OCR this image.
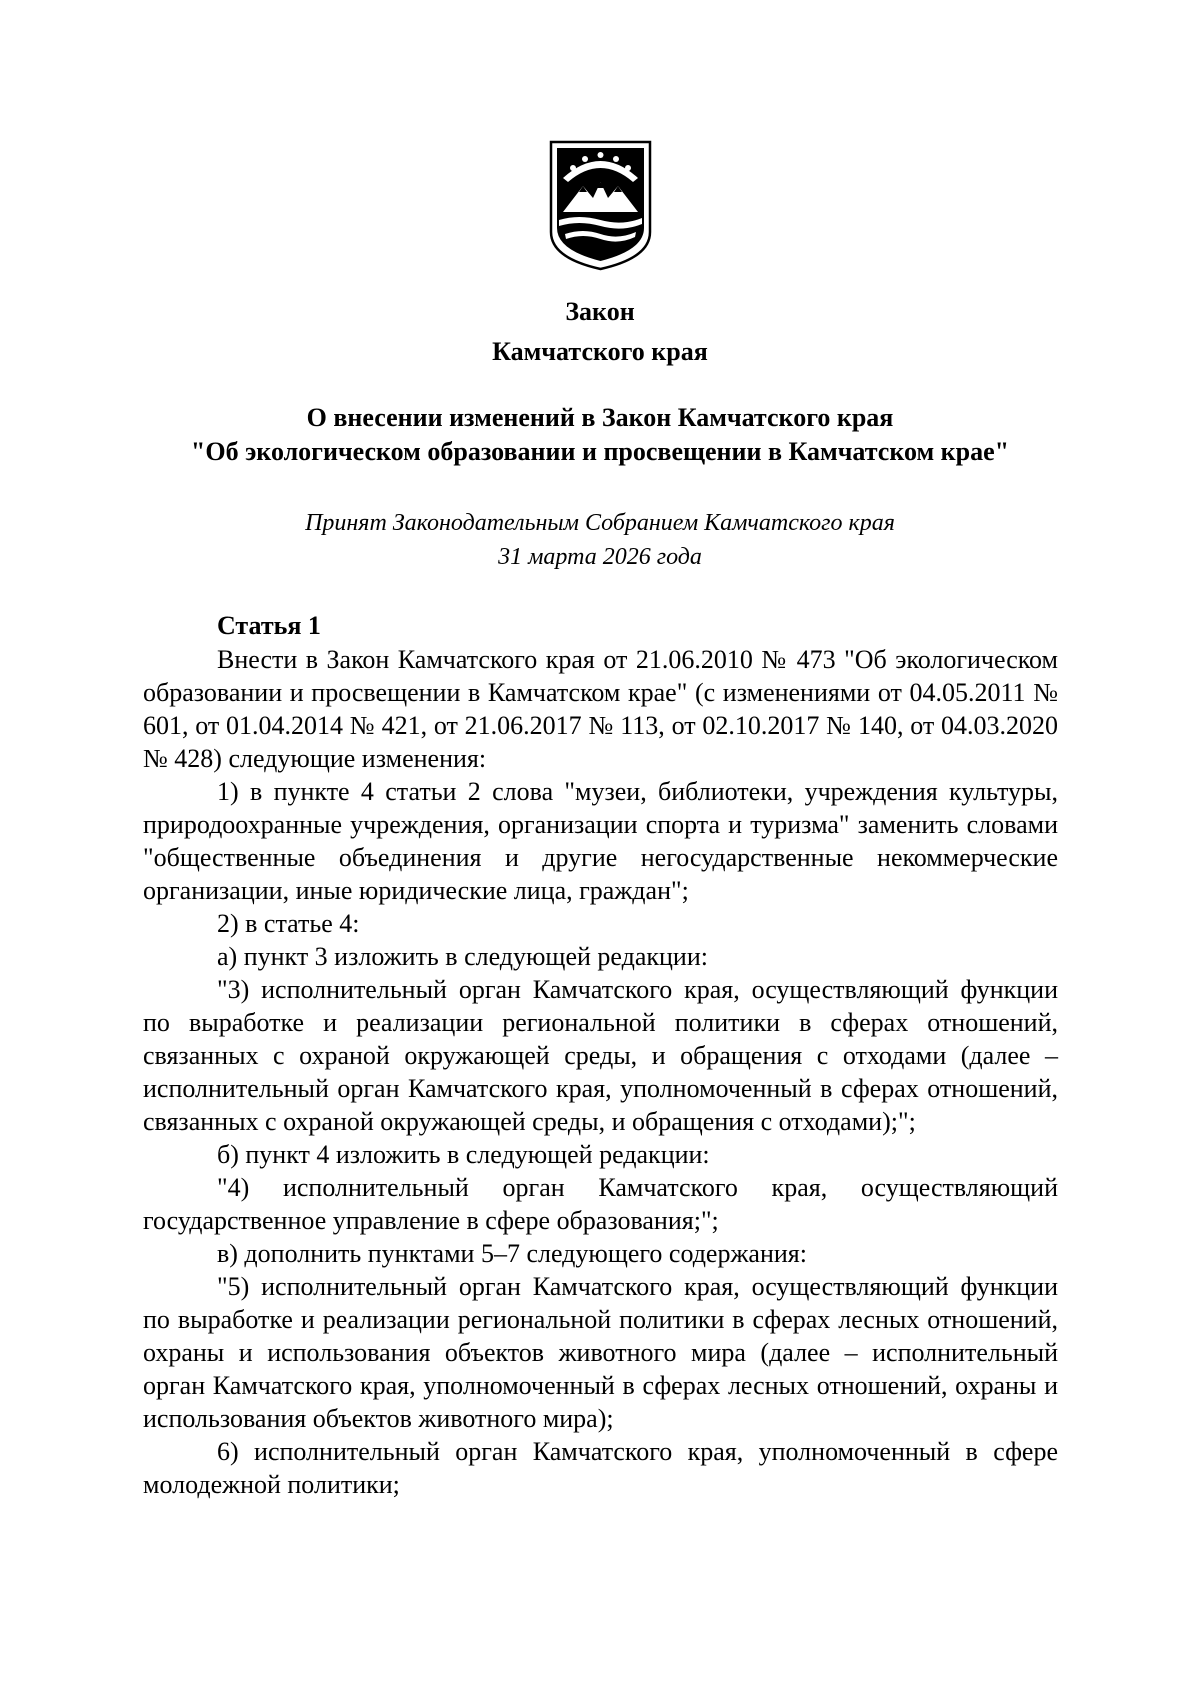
Закон
Камчатского края
О внесении изменений в Закон Камчатского края
"Об экологическом образовании и просвещении в Камчатском крае"
Принят Законодательным Собранием Камчатского края
31 марта 2026 года
Статья 1

Внести в Закон Камчатского края от 21.06.2010 № 473 "Об экологическом образовании и просвещении в Камчатском крае" (с изменениями от 04.05.2011 № 601, от 01.04.2014 № 421, от 21.06.2017 № 113, от 02.10.2017 № 140, от 04.03.2020 № 428) следующие изменения:

1) в пункте 4 статьи 2 слова "музеи, библиотеки, учреждения культуры, природоохранные учреждения, организации спорта и туризма" заменить словами "общественные объединения и другие негосударственные некоммерческие организации, иные юридические лица, граждан";

2) в статье 4:

а) пункт 3 изложить в следующей редакции:

"3) исполнительный орган Камчатского края, осуществляющий функции по выработке и реализации региональной политики в сферах отношений, связанных с охраной окружающей среды, и обращения с отходами (далее – исполнительный орган Камчатского края, уполномоченный в сферах отношений, связанных с охраной окружающей среды, и обращения с отходами);";

б) пункт 4 изложить в следующей редакции:

"4) исполнительный орган Камчатского края, осуществляющий государственное управление в сфере образования;";

в) дополнить пунктами 5–7 следующего содержания:

"5) исполнительный орган Камчатского края, осуществляющий функции по выработке и реализации региональной политики в сферах лесных отношений, охраны и использования объектов животного мира (далее – исполнительный орган Камчатского края, уполномоченный в сферах лесных отношений, охраны и использования объектов животного мира);

6) исполнительный орган Камчатского края, уполномоченный в сфере молодежной политики;
